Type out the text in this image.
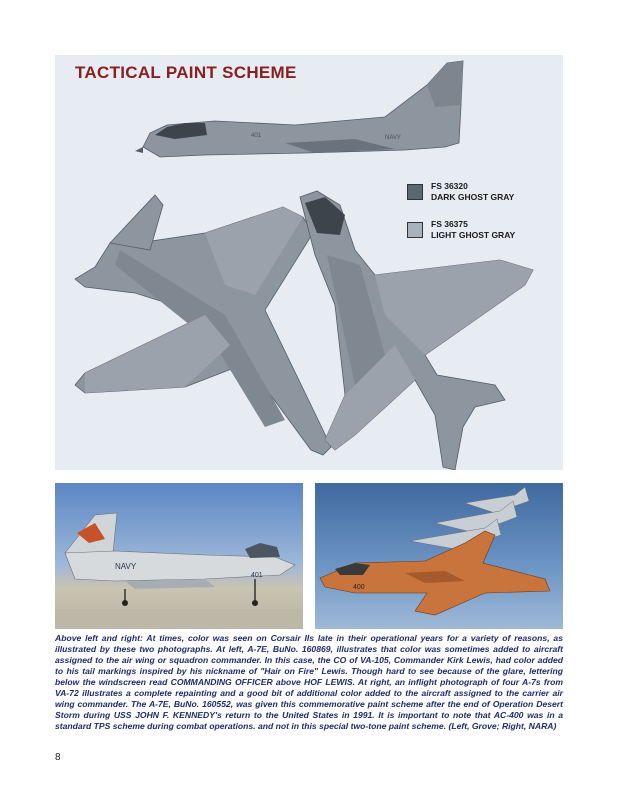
NAVY
401
TACTICAL PAINT SCHEME
FS 36320
DARK GHOST GRAY
FS 36375
LIGHT GHOST GRAY
NAVY
401
400
Above left and right: At times, color was seen on Corsair IIs late in their operational years for a variety of reasons, as illustrated by these two photographs. At left, A-7E, BuNo. 160869, illustrates that color was sometimes added to aircraft assigned to the air wing or squadron commander. In this case, the CO of VA-105, Commander Kirk Lewis, had color added to his tail markings inspired by his nickname of "Hair on Fire" Lewis. Though hard to see because of the glare, lettering below the windscreen read COMMANDING OFFICER above HOF LEWIS. At right, an inflight photograph of four A-7s from VA-72 illustrates a complete repainting and a good bit of additional color added to the aircraft assigned to the carrier air wing commander. The A-7E, BuNo. 160552, was given this commemorative paint scheme after the end of Operation Desert Storm during USS JOHN F. KENNEDY's return to the United States in 1991. It is important to note that AC-400 was in a standard TPS scheme during combat operations. and not in this special two-tone paint scheme. (Left, Grove; Right, NARA)
8
